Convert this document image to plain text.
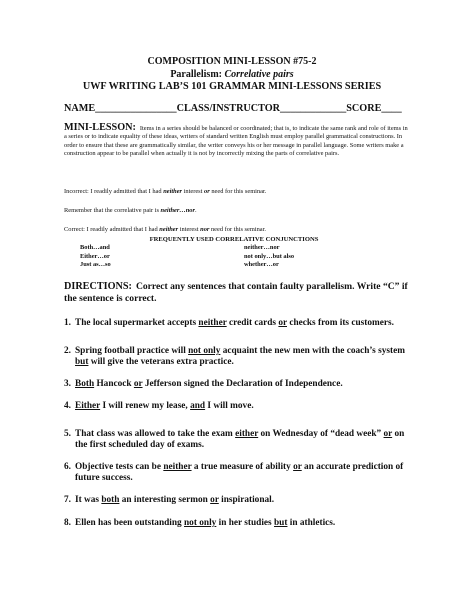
COMPOSITION MINI-LESSON #75-2
Parallelism: Correlative pairs
UWF WRITING LAB’S 101 GRAMMAR MINI-LESSONS SERIES
NAME________________CLASS/INSTRUCTOR_____________SCORE____
MINI-LESSON: Items in a series should be balanced or coordinated; that is, to indicate the same rank and role of items in a series or to indicate equality of these ideas, writers of standard written English must employ parallel grammatical constructions. In order to ensure that these are grammatically similar, the writer conveys his or her message in parallel language. Some writers make a construction appear to be parallel when actually it is not by incorrectly mixing the parts of correlative pairs.
Incorrect: I readily admitted that I had neither interest or need for this seminar.
Remember that the correlative pair is neither…nor.
Correct: I readily admitted that I had neither interest nor need for this seminar.
FREQUENTLY USED CORRELATIVE CONJUNCTIONS
Both…and
Either…or
Just as…so
neither…nor
not only…but also
whether…or
DIRECTIONS: Correct any sentences that contain faulty parallelism. Write “C” if the sentence is correct.
1. The local supermarket accepts neither credit cards or checks from its customers.
2. Spring football practice will not only acquaint the new men with the coach’s system but will give the veterans extra practice.
3. Both Hancock or Jefferson signed the Declaration of Independence.
4. Either I will renew my lease, and I will move.
5. That class was allowed to take the exam either on Wednesday of “dead week” or on the first scheduled day of exams.
6. Objective tests can be neither a true measure of ability or an accurate prediction of future success.
7. It was both an interesting sermon or inspirational.
8. Ellen has been outstanding not only in her studies but in athletics.
